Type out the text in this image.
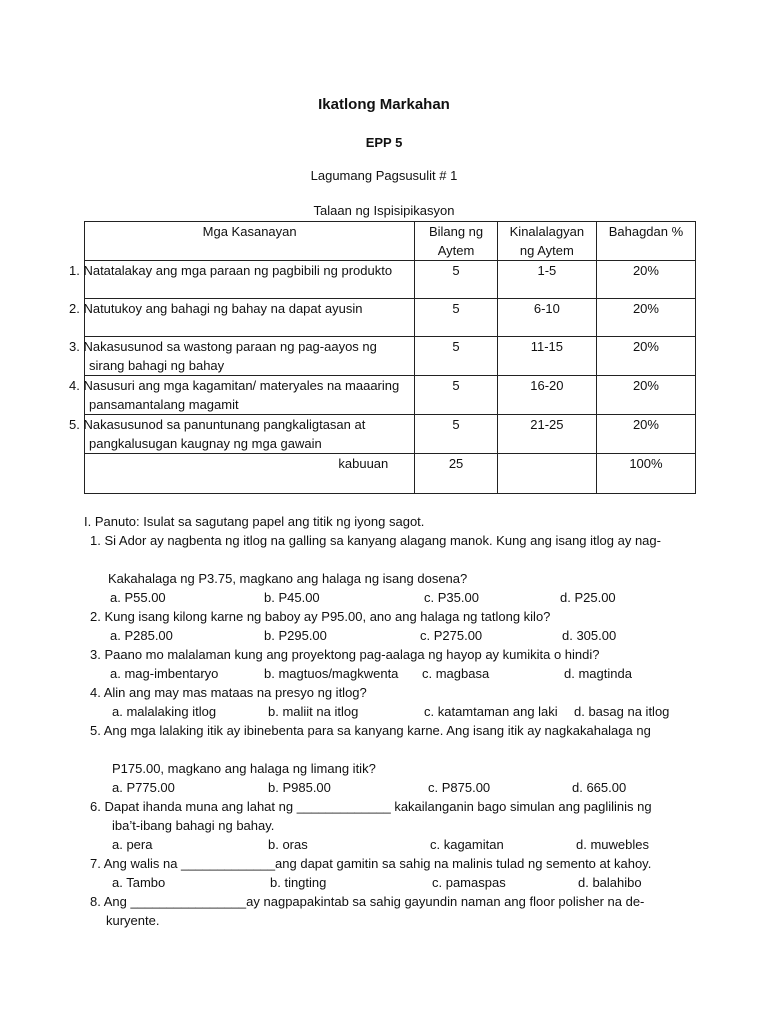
Ikatlong Markahan
EPP 5
Lagumang Pagsusulit # 1
Talaan ng Ispisipikasyon
Mga Kasanayan	Bilang ng Aytem	Kinalalagyan ng Aytem	Bahagdan %
1. Natatalakay ang mga paraan ng pagbibili ng produkto	5	1-5	20%
2. Natutukoy ang bahagi ng bahay na dapat ayusin	5	6-10	20%
3. Nakasusunod sa wastong paraan ng pag-aayos ng sirang bahagi ng bahay	5	11-15	20%
4. Nasusuri ang mga kagamitan/ materyales na maaaring pansamantalang magamit	5	16-20	20%
5. Nakasusunod sa panuntunang pangkaligtasan at pangkalusugan kaugnay ng mga gawain	5	21-25	20%
kabuuan	25		100%
I. Panuto: Isulat sa sagutang papel ang titik ng iyong sagot.
1. Si Ador ay nagbenta ng itlog na galling sa kanyang alagang manok. Kung ang isang itlog ay nag-
Kakahalaga ng P3.75, magkano ang halaga ng isang dosena?
a. P55.00	b. P45.00	c. P35.00	d. P25.00
2. Kung isang kilong karne ng baboy ay P95.00, ano ang halaga ng tatlong kilo?
a. P285.00	b. P295.00	c. P275.00	d. 305.00
3. Paano mo malalaman kung ang proyektong pag-aalaga ng hayop ay kumikita o hindi?
a. mag-imbentaryo	b. magtuos/magkwenta c. magbasa	d. magtinda
4. Alin ang may mas mataas na presyo ng itlog?
a. malalaking itlog	b. maliit na itlog	c. katamtaman ang laki d. basag na itlog
5. Ang mga lalaking itik ay ibinebenta para sa kanyang karne. Ang isang itik ay nagkakahalaga ng
P175.00, magkano ang halaga ng limang itik?
a. P775.00	b. P985.00	c. P875.00	d. 665.00
6. Dapat ihanda muna ang lahat ng _____________ kakailanganin bago simulan ang paglilinis ng
iba’t-ibang bahagi ng bahay.
a. pera	b. oras	c. kagamitan	d. muwebles
7. Ang walis na _____________ang dapat gamitin sa sahig na malinis tulad ng semento at kahoy.
a. Tambo	b. tingting	c. pamaspas	d. balahibo
8. Ang ________________ay nagpapakintab sa sahig gayundin naman ang floor polisher na de-
kuryente.
